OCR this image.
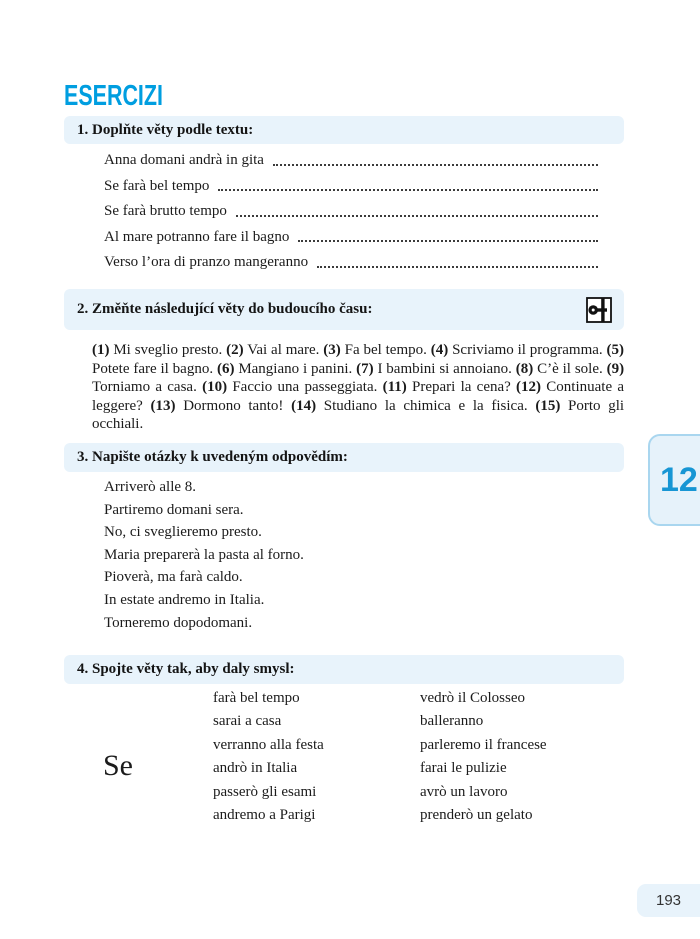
ESERCIZI
1. Doplňte věty podle textu:
Anna domani andrà in gita
Se farà bel tempo
Se farà brutto tempo
Al mare potranno fare il bagno
Verso l’ora di pranzo mangeranno
2. Změňte následující věty do budoucího času:

(1) Mi sveglio presto. (2) Vai al mare. (3) Fa bel tempo. (4) Scriviamo il programma. (5) Potete fare il bagno. (6) Mangiano i panini. (7) I bambini si annoiano. (8) C’è il sole. (9) Torniamo a casa. (10) Faccio una passeggiata. (11) Prepari la cena? (12) Continuate a leggere? (13) Dormono tanto! (14) Studiano la chimica e la fisica. (15) Porto gli occhiali.

3. Napište otázky k uvedeným odpovědím:
Arriverò alle 8.
Partiremo domani sera.
No, ci sveglieremo presto.
Maria preparerà la pasta al forno.
Pioverà, ma farà caldo.
In estate andremo in Italia.
Torneremo dopodomani.
12
4. Spojte věty tak, aby daly smysl:
Se
farà bel tempo
sarai a casa
verranno alla festa
andrò in Italia
passerò gli esami
andremo a Parigi
vedrò il Colosseo
balleranno
parleremo il francese
farai le pulizie
avrò un lavoro
prenderò un gelato
193
